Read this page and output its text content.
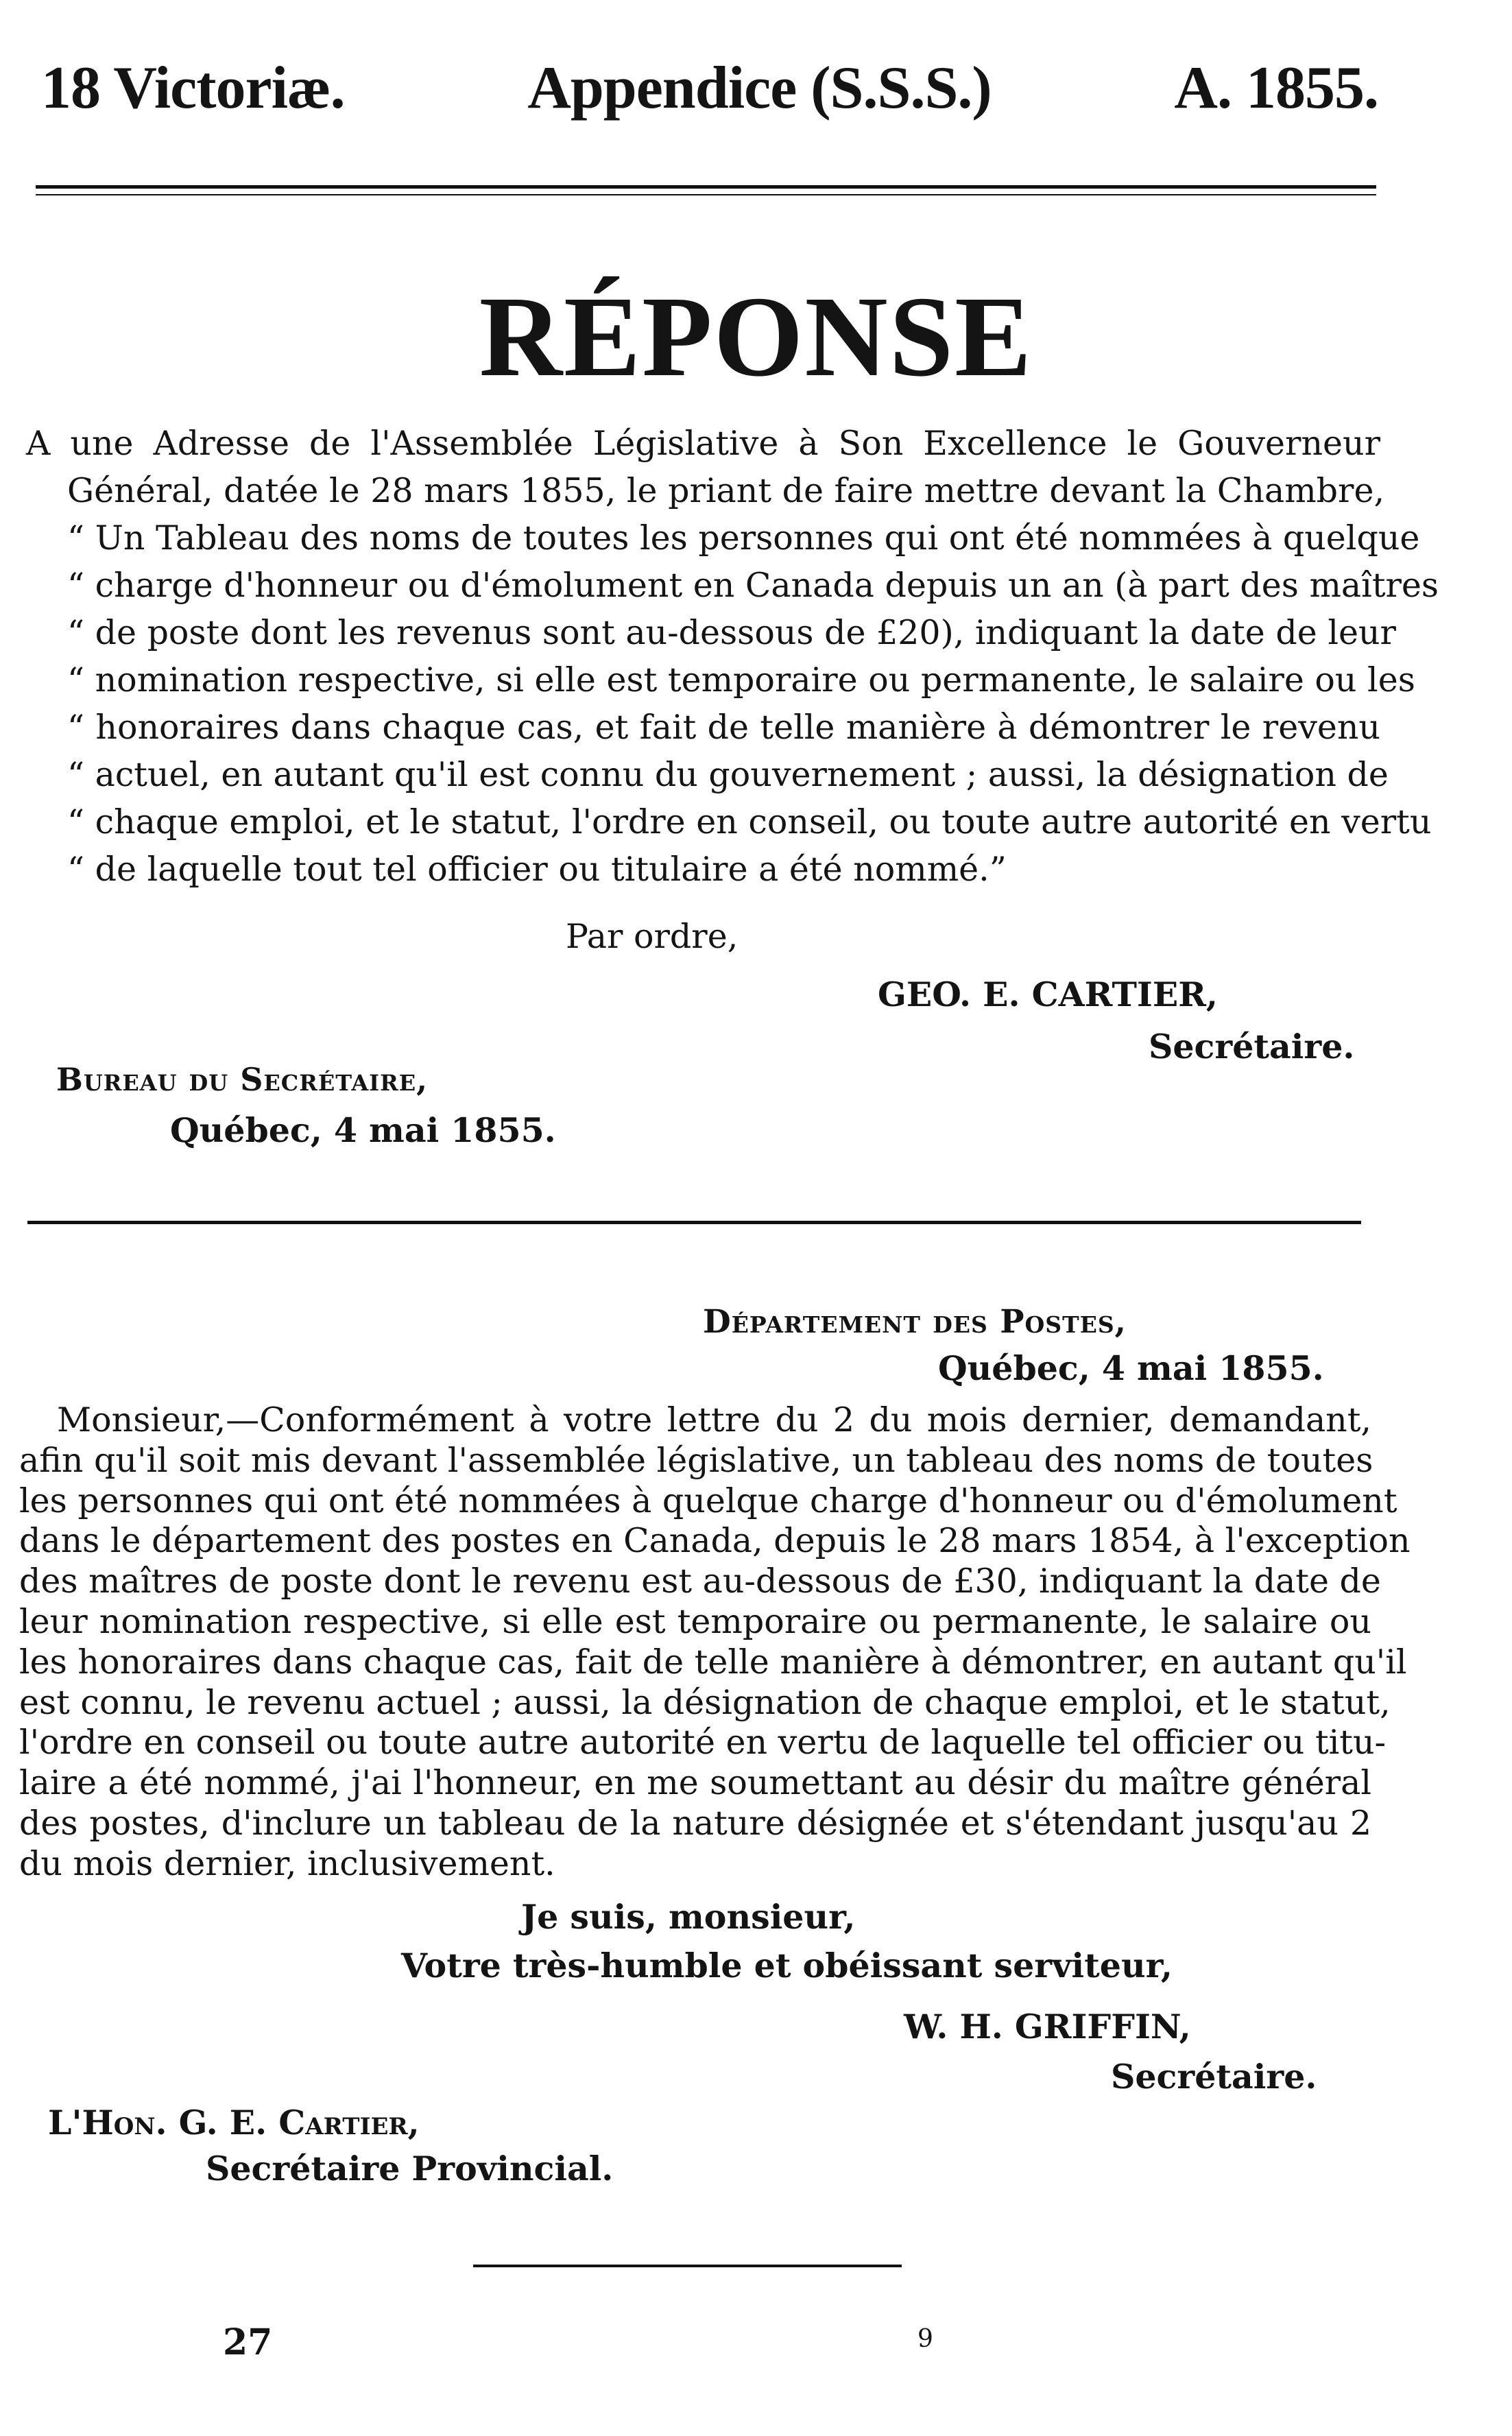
18 Victoriæ.	Appendice (S.S.S.)	A. 1855.
RÉPONSE
A une Adresse de l'Assemblée Législative à Son Excellence le Gouverneur
Général, datée le 28 mars 1855, le priant de faire mettre devant la Chambre,
“ Un Tableau des noms de toutes les personnes qui ont été nommées à quelque
“ charge d'honneur ou d'émolument en Canada depuis un an (à part des maîtres
“ de poste dont les revenus sont au-dessous de £20), indiquant la date de leur
“ nomination respective, si elle est temporaire ou permanente, le salaire ou les
“ honoraires dans chaque cas, et fait de telle manière à démontrer le revenu
“ actuel, en autant qu'il est connu du gouvernement ; aussi, la désignation de
“ chaque emploi, et le statut, l'ordre en conseil, ou toute autre autorité en vertu
“ de laquelle tout tel officier ou titulaire a été nommé.”
Par ordre,
GEO. E. CARTIER,
Secrétaire.
Bureau du Secrétaire,
Québec, 4 mai 1855.
Département des Postes,
Québec, 4 mai 1855.
Monsieur,—Conformément à votre lettre du 2 du mois dernier, demandant,
afin qu'il soit mis devant l'assemblée législative, un tableau des noms de toutes
les personnes qui ont été nommées à quelque charge d'honneur ou d'émolument
dans le département des postes en Canada, depuis le 28 mars 1854, à l'exception
des maîtres de poste dont le revenu est au-dessous de £30, indiquant la date de
leur nomination respective, si elle est temporaire ou permanente, le salaire ou
les honoraires dans chaque cas, fait de telle manière à démontrer, en autant qu'il
est connu, le revenu actuel ; aussi, la désignation de chaque emploi, et le statut,
l'ordre en conseil ou toute autre autorité en vertu de laquelle tel officier ou titu-
laire a été nommé, j'ai l'honneur, en me soumettant au désir du maître général
des postes, d'inclure un tableau de la nature désignée et s'étendant jusqu'au 2
du mois dernier, inclusivement.
Je suis, monsieur,
Votre très-humble et obéissant serviteur,
W. H. GRIFFIN,
Secrétaire.
L'Hon. G. E. Cartier,
Secrétaire Provincial.
27	9
